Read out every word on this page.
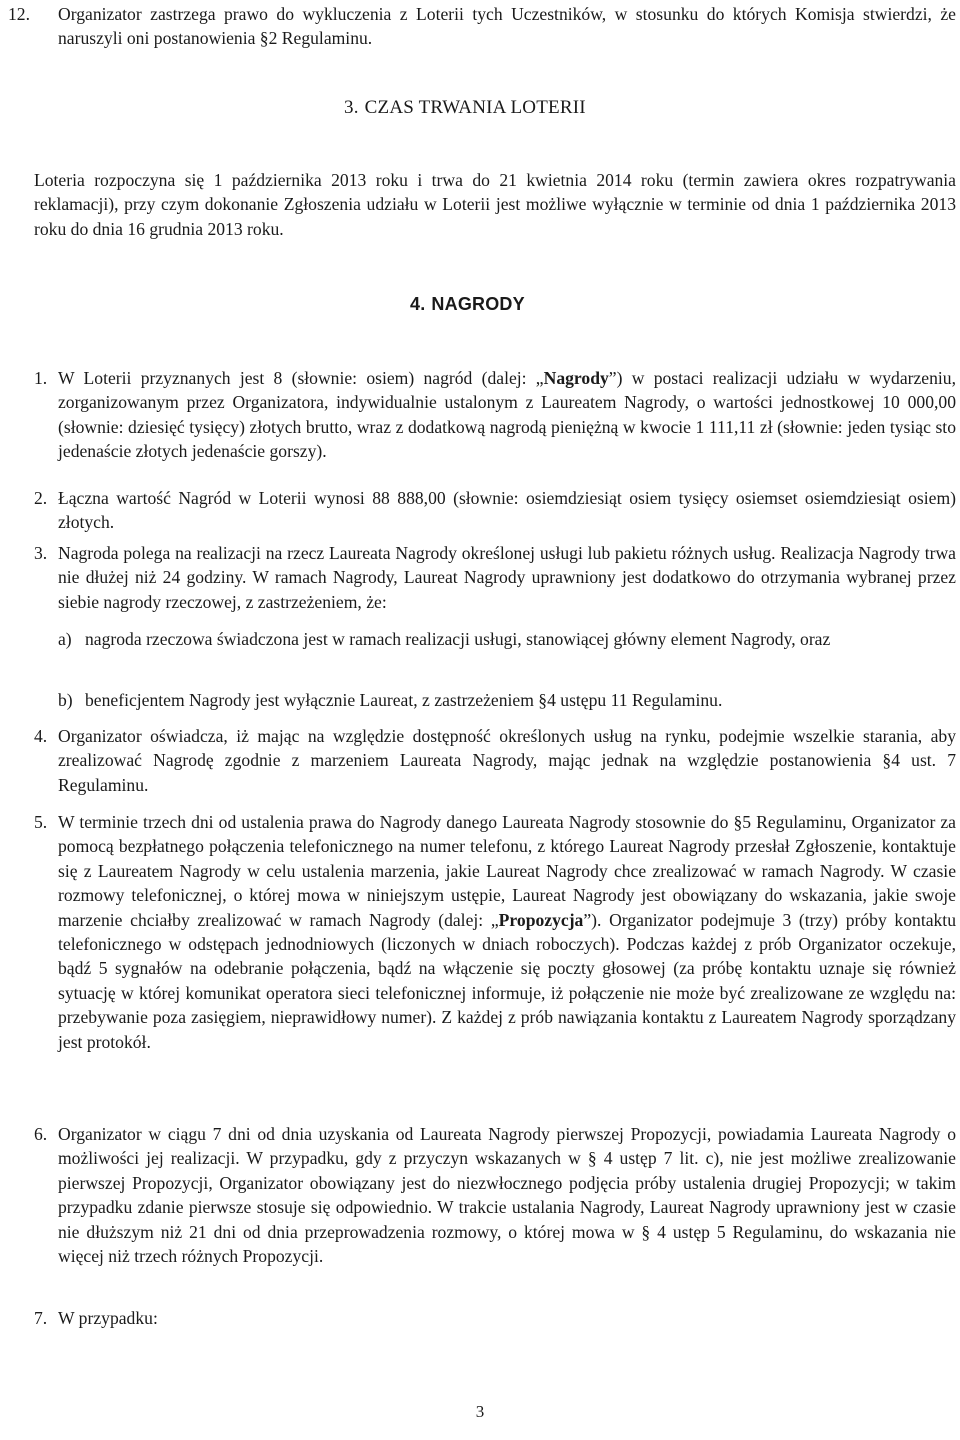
12. Organizator zastrzega prawo do wykluczenia z Loterii tych Uczestników, w stosunku do których Komisja stwierdzi, że naruszyli oni postanowienia §2 Regulaminu.

3. CZAS TRWANIA LOTERII

Loteria rozpoczyna się 1 października 2013 roku i trwa do 21 kwietnia 2014 roku (termin zawiera okres rozpatrywania reklamacji), przy czym dokonanie Zgłoszenia udziału w Loterii jest możliwe wyłącznie w terminie od dnia 1 października 2013 roku do dnia 16 grudnia 2013 roku.

4. NAGRODY
1. W Loterii przyznanych jest 8 (słownie: osiem) nagród (dalej: „Nagrody”) w postaci realizacji udziału w wydarzeniu, zorganizowanym przez Organizatora, indywidualnie ustalonym z Laureatem Nagrody, o wartości jednostkowej 10 000,00 (słownie: dziesięć tysięcy) złotych brutto, wraz z dodatkową nagrodą pieniężną w kwocie 1 111,11 zł (słownie: jeden tysiąc sto jedenaście złotych jedenaście gorszy).

2. Łączna wartość Nagród w Loterii wynosi 88 888,00 (słownie: osiemdziesiąt osiem tysięcy osiemset osiemdziesiąt osiem) złotych.

3. Nagroda polega na realizacji na rzecz Laureata Nagrody określonej usługi lub pakietu różnych usług. Realizacja Nagrody trwa nie dłużej niż 24 godziny. W ramach Nagrody, Laureat Nagrody uprawniony jest dodatkowo do otrzymania wybranej przez siebie nagrody rzeczowej, z zastrzeżeniem, że:

a) nagroda rzeczowa świadczona jest w ramach realizacji usługi, stanowiącej główny element Nagrody, oraz

b) beneficjentem Nagrody jest wyłącznie Laureat, z zastrzeżeniem §4 ustępu 11 Regulaminu.

4. Organizator oświadcza, iż mając na względzie dostępność określonych usług na rynku, podejmie wszelkie starania, aby zrealizować Nagrodę zgodnie z marzeniem Laureata Nagrody, mając jednak na względzie postanowienia §4 ust. 7 Regulaminu.

5. W terminie trzech dni od ustalenia prawa do Nagrody danego Laureata Nagrody stosownie do §5 Regulaminu, Organizator za pomocą bezpłatnego połączenia telefonicznego na numer telefonu, z którego Laureat Nagrody przesłał Zgłoszenie, kontaktuje się z Laureatem Nagrody w celu ustalenia marzenia, jakie Laureat Nagrody chce zrealizować w ramach Nagrody. W czasie rozmowy telefonicznej, o której mowa w niniejszym ustępie, Laureat Nagrody jest obowiązany do wskazania, jakie swoje marzenie chciałby zrealizować w ramach Nagrody (dalej: „Propozycja”). Organizator podejmuje 3 (trzy) próby kontaktu telefonicznego w odstępach jednodniowych (liczonych w dniach roboczych). Podczas każdej z prób Organizator oczekuje, bądź 5 sygnałów na odebranie połączenia, bądź na włączenie się poczty głosowej (za próbę kontaktu uznaje się również sytuację w której komunikat operatora sieci telefonicznej informuje, iż połączenie nie może być zrealizowane ze względu na: przebywanie poza zasięgiem, nieprawidłowy numer). Z każdej z prób nawiązania kontaktu z Laureatem Nagrody sporządzany jest protokół.

6. Organizator w ciągu 7 dni od dnia uzyskania od Laureata Nagrody pierwszej Propozycji, powiadamia Laureata Nagrody o możliwości jej realizacji. W przypadku, gdy z przyczyn wskazanych w § 4 ustęp 7 lit. c), nie jest możliwe zrealizowanie pierwszej Propozycji, Organizator obowiązany jest do niezwłocznego podjęcia próby ustalenia drugiej Propozycji; w takim przypadku zdanie pierwsze stosuje się odpowiednio. W trakcie ustalania Nagrody, Laureat Nagrody uprawniony jest w czasie nie dłuższym niż 21 dni od dnia przeprowadzenia rozmowy, o której mowa w § 4 ustęp 5 Regulaminu, do wskazania nie więcej niż trzech różnych Propozycji.

7. W przypadku:

3
